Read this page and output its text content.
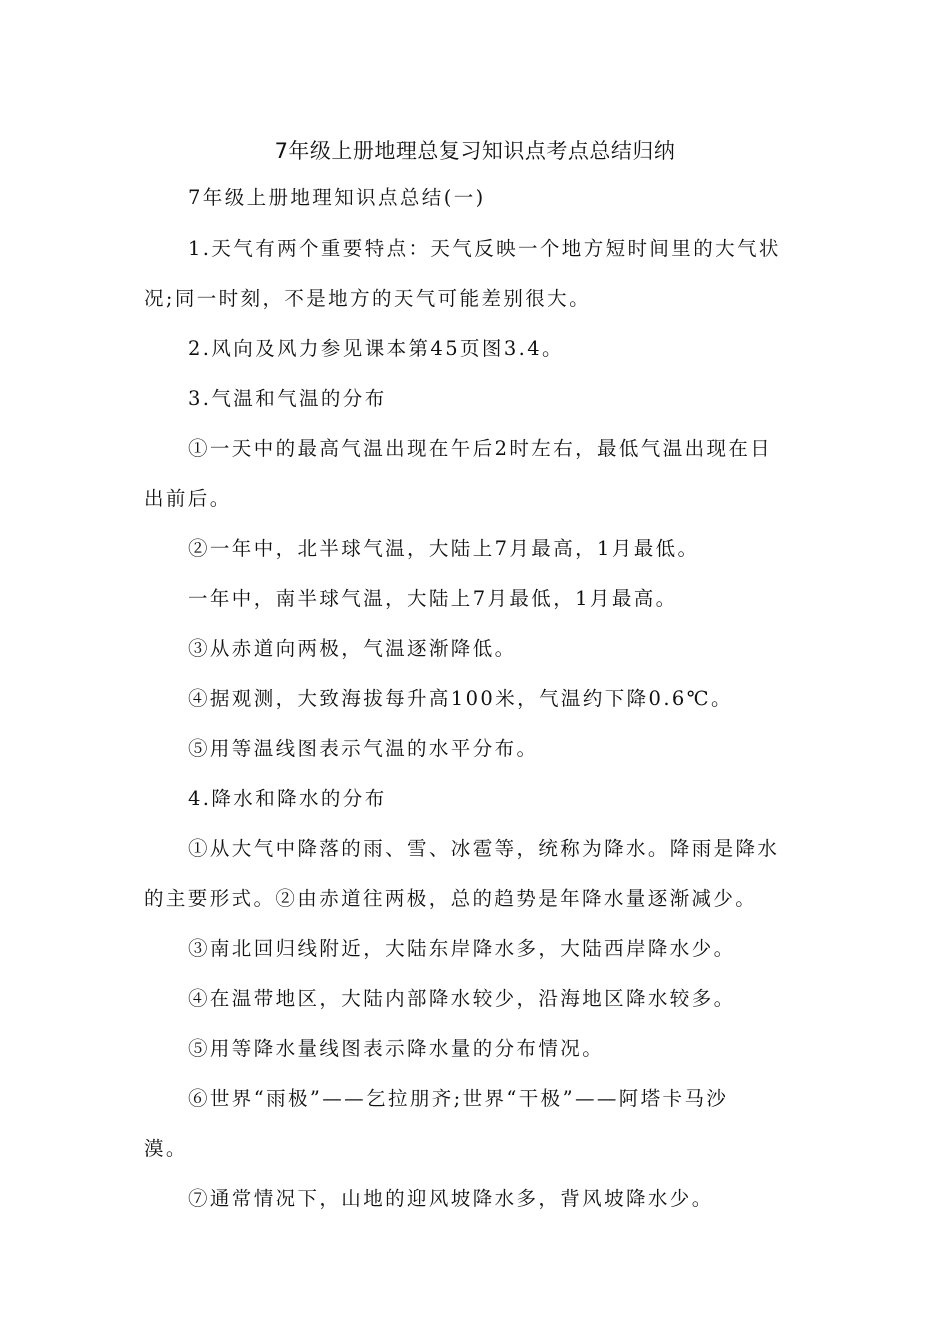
7年级上册地理总复习知识点考点总结归纳
7年级上册地理知识点总结(一)
1.天气有两个重要特点：天气反映一个地方短时间里的大气状
况;同一时刻，不是地方的天气可能差别很大。
2.风向及风力参见课本第45页图3.4。
3.气温和气温的分布
①一天中的最高气温出现在午后2时左右，最低气温出现在日
出前后。
②一年中，北半球气温，大陆上7月最高，1月最低。
一年中，南半球气温，大陆上7月最低，1月最高。
③从赤道向两极，气温逐渐降低。
④据观测，大致海拔每升高100米，气温约下降0.6℃。
⑤用等温线图表示气温的水平分布。
4.降水和降水的分布
①从大气中降落的雨、雪、冰雹等，统称为降水。降雨是降水
的主要形式。②由赤道往两极，总的趋势是年降水量逐渐减少。
③南北回归线附近，大陆东岸降水多，大陆西岸降水少。
④在温带地区，大陆内部降水较少，沿海地区降水较多。
⑤用等降水量线图表示降水量的分布情况。
⑥世界“雨极”——乞拉朋齐;世界“干极”——阿塔卡马沙
漠。
⑦通常情况下，山地的迎风坡降水多，背风坡降水少。
